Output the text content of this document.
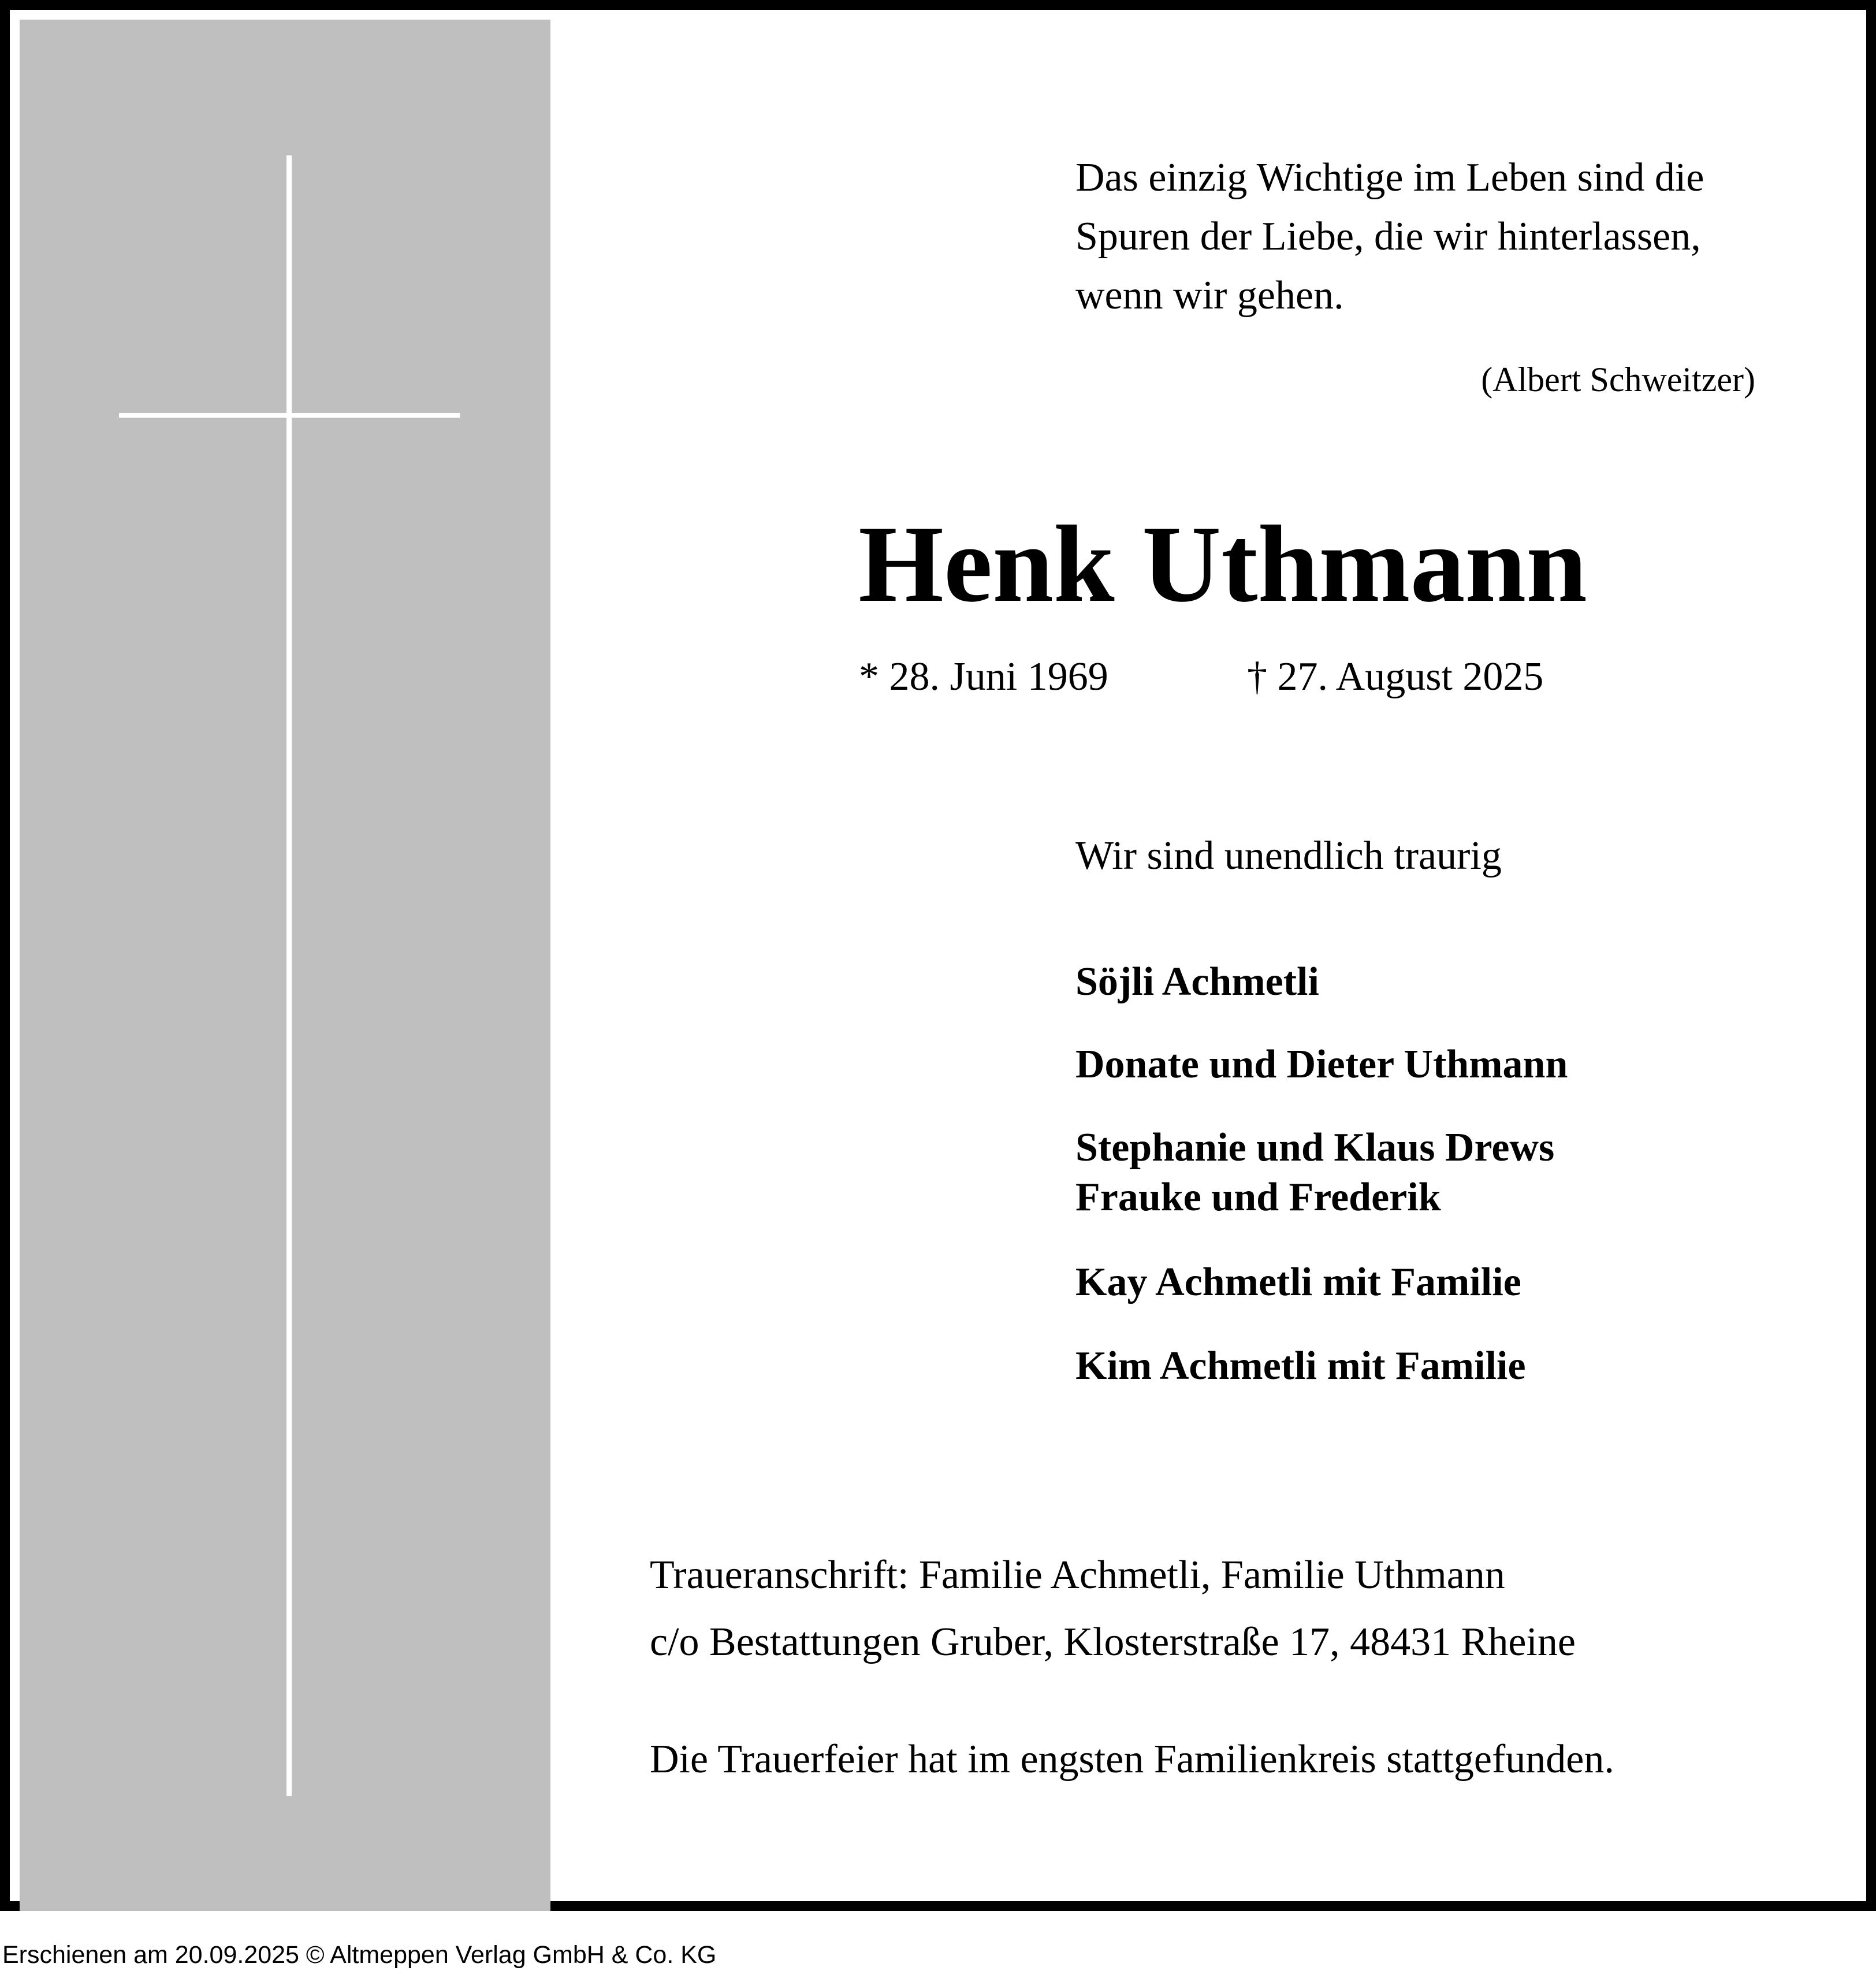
Das einzig Wichtige im Leben sind die
Spuren der Liebe, die wir hinterlassen,
wenn wir gehen.
(Albert Schweitzer)
Henk Uthmann
* 28. Juni 1969	† 27. August 2025
Wir sind unendlich traurig
Söjli Achmetli
Donate und Dieter Uthmann
Stephanie und Klaus Drews
Frauke und Frederik
Kay Achmetli mit Familie
Kim Achmetli mit Familie
Traueranschrift: Familie Achmetli, Familie Uthmann
c/o Bestattungen Gruber, Klosterstraße 17, 48431 Rheine
Die Trauerfeier hat im engsten Familienkreis stattgefunden.
Erschienen am 20.09.2025 © Altmeppen Verlag GmbH & Co. KG
